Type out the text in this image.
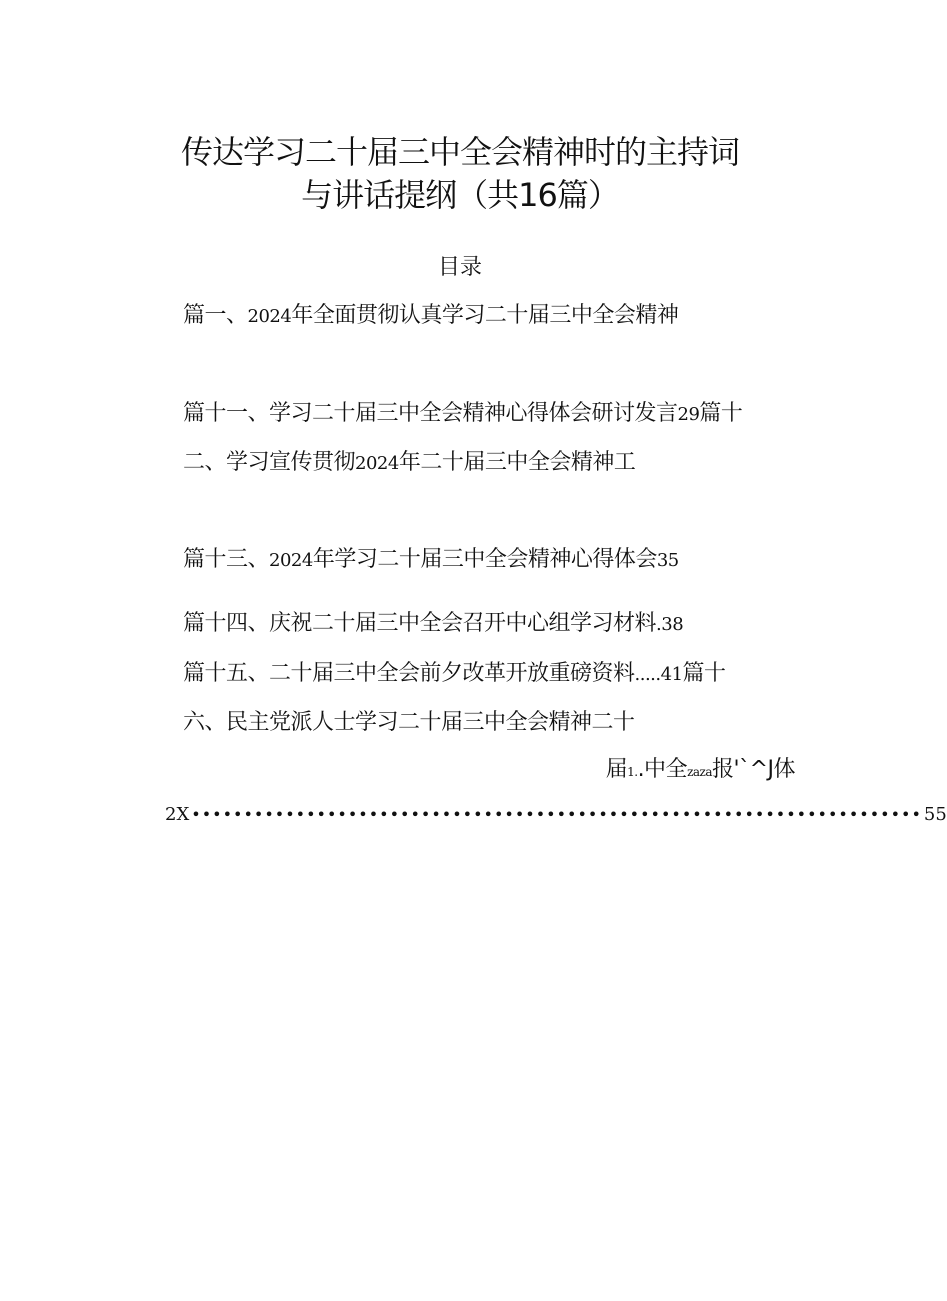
传达学习二十届三中全会精神时的主持词
与讲话提纲（共16篇）
目录
篇一、2024年全面贯彻认真学习二十届三中全会精神
篇十一、学习二十届三中全会精神心得体会研讨发言29篇十
二、学习宣传贯彻2024年二十届三中全会精神工
篇十三、2024年学习二十届三中全会精神心得体会35
篇十四、庆祝二十届三中全会召开中心组学习材料.38
篇十五、二十届三中全会前夕改革开放重磅资料.....41篇十
六、民主党派人士学习二十届三中全会精神二十
届1..中全zaza报'`^J体
2X •••••••••••••••••••••••••••••••••••••••••••••••••••••••••••••••••••••• 55
